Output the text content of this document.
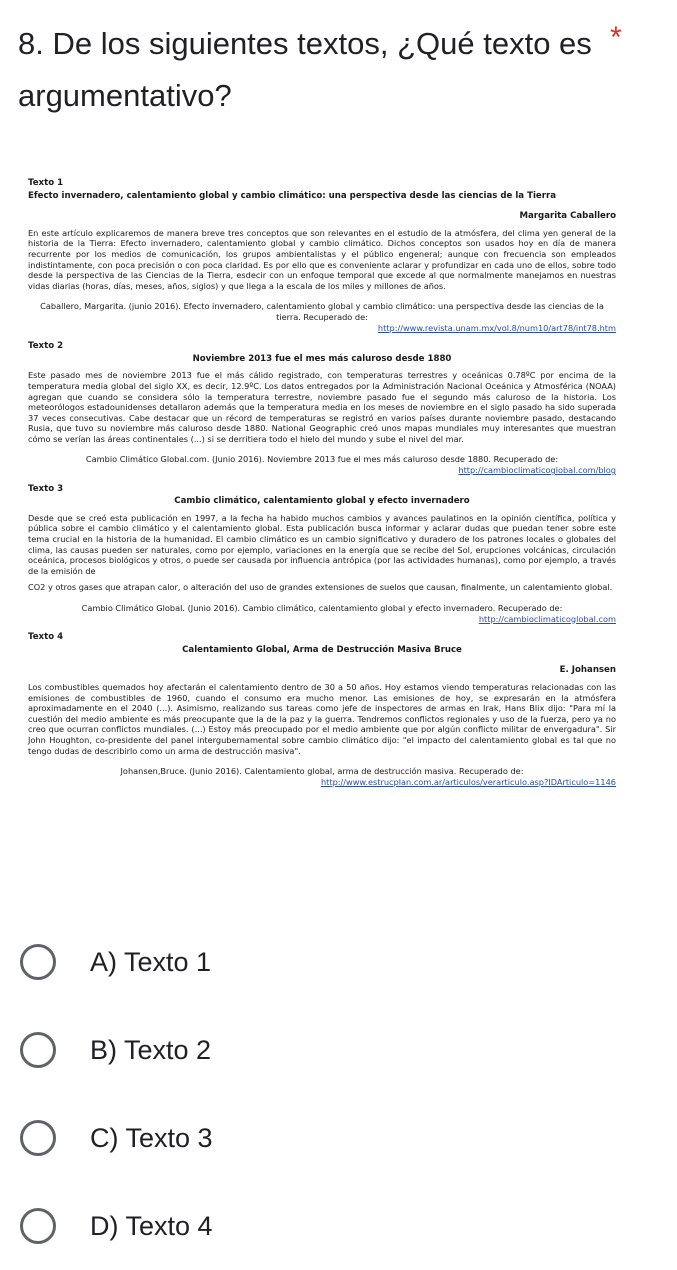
8. De los siguientes textos, ¿Qué texto es argumentativo?
*

Texto 1

Efecto invernadero, calentamiento global y cambio climático: una perspectiva desde las ciencias de la Tierra

Margarita Caballero

En este artículo explicaremos de manera breve tres conceptos que son relevantes en el estudio de la atmósfera, del clima yen general de la historia de la Tierra: Efecto invernadero, calentamiento global y cambio climático. Dichos conceptos son usados hoy en día de manera recurrente por los medios de comunicación, los grupos ambientalistas y el público engeneral; aunque con frecuencia son empleados indistintamente, con poca precisión o con poca claridad. Es por ello que es conveniente aclarar y profundizar en cada uno de ellos, sobre todo desde la perspectiva de las Ciencias de la Tierra, esdecir con un enfoque temporal que excede al que normalmente manejamos en nuestras vidas diarias (horas, días, meses, años, siglos) y que llega a la escala de los miles y millones de años.

Caballero, Margarita. (junio 2016). Efecto invernadero, calentamiento global y cambio climático: una perspectiva desde las ciencias de la tierra. Recuperado de:
http://www.revista.unam.mx/vol.8/num10/art78/int78.htm

Texto 2

Noviembre 2013 fue el mes más caluroso desde 1880

Este pasado mes de noviembre 2013 fue el más cálido registrado, con temperaturas terrestres y oceánicas 0.78ºC por encima de la temperatura media global del siglo XX, es decir, 12.9ºC. Los datos entregados por la Administración Nacional Oceánica y Atmosférica (NOAA) agregan que cuando se considera sólo la temperatura terrestre, noviembre pasado fue el segundo más caluroso de la historia. Los meteorólogos estadounidenses detallaron además que la temperatura media en los meses de noviembre en el siglo pasado ha sido superada 37 veces consecutivas. Cabe destacar que un récord de temperaturas se registró en varios países durante noviembre pasado, destacando Rusia, que tuvo su noviembre más caluroso desde 1880. National Geographic creó unos mapas mundiales muy interesantes que muestran cómo se verían las áreas continentales (...) si se derritiera todo el hielo del mundo y sube el nivel del mar.

Cambio Climático Global.com. (Junio 2016). Noviembre 2013 fue el mes más caluroso desde 1880. Recuperado de:
http://cambioclimaticoglobal.com/blog

Texto 3

Cambio climático, calentamiento global y efecto invernadero

Desde que se creó esta publicación en 1997, a la fecha ha habido muchos cambios y avances paulatinos en la opinión científica, política y pública sobre el cambio climático y el calentamiento global. Esta publicación busca informar y aclarar dudas que puedan tener sobre este tema crucial en la historia de la humanidad. El cambio climático es un cambio significativo y duradero de los patrones locales o globales del clima, las causas pueden ser naturales, como por ejemplo, variaciones en la energía que se recibe del Sol, erupciones volcánicas, circulación oceánica, procesos biológicos y otros, o puede ser causada por influencia antrópica (por las actividades humanas), como por ejemplo, a través de la emisión de

CO2 y otros gases que atrapan calor, o alteración del uso de grandes extensiones de suelos que causan, finalmente, un calentamiento global.

Cambio Climático Global. (Junio 2016). Cambio climático, calentamiento global y efecto invernadero. Recuperado de:
http://cambioclimaticoglobal.com

Texto 4

Calentamiento Global, Arma de Destrucción Masiva Bruce

E. Johansen

Los combustibles quemados hoy afectarán el calentamiento dentro de 30 a 50 años. Hoy estamos viendo temperaturas relacionadas con las emisiones de combustibles de 1960, cuando el consumo era mucho menor. Las emisiones de hoy, se expresarán en la atmósfera aproximadamente en el 2040 (...). Asimismo, realizando sus tareas como jefe de inspectores de armas en Irak, Hans Blix dijo: "Para mí la cuestión del medio ambiente es más preocupante que la de la paz y la guerra. Tendremos conflictos regionales y uso de la fuerza, pero ya no creo que ocurran conflictos mundiales. (...) Estoy más preocupado por el medio ambiente que por algún conflicto militar de envergadura". Sir John Houghton, co-presidente del panel intergubernamental sobre cambio climático dijo: "el impacto del calentamiento global es tal que no tengo dudas de describirlo como un arma de destrucción masiva".

Johansen,Bruce. (Junio 2016). Calentamiento global, arma de destrucción masiva. Recuperado de:
http://www.estrucplan.com.ar/articulos/verarticulo.asp?IDArticulo=1146
A) Texto 1
B) Texto 2
C) Texto 3
D) Texto 4
